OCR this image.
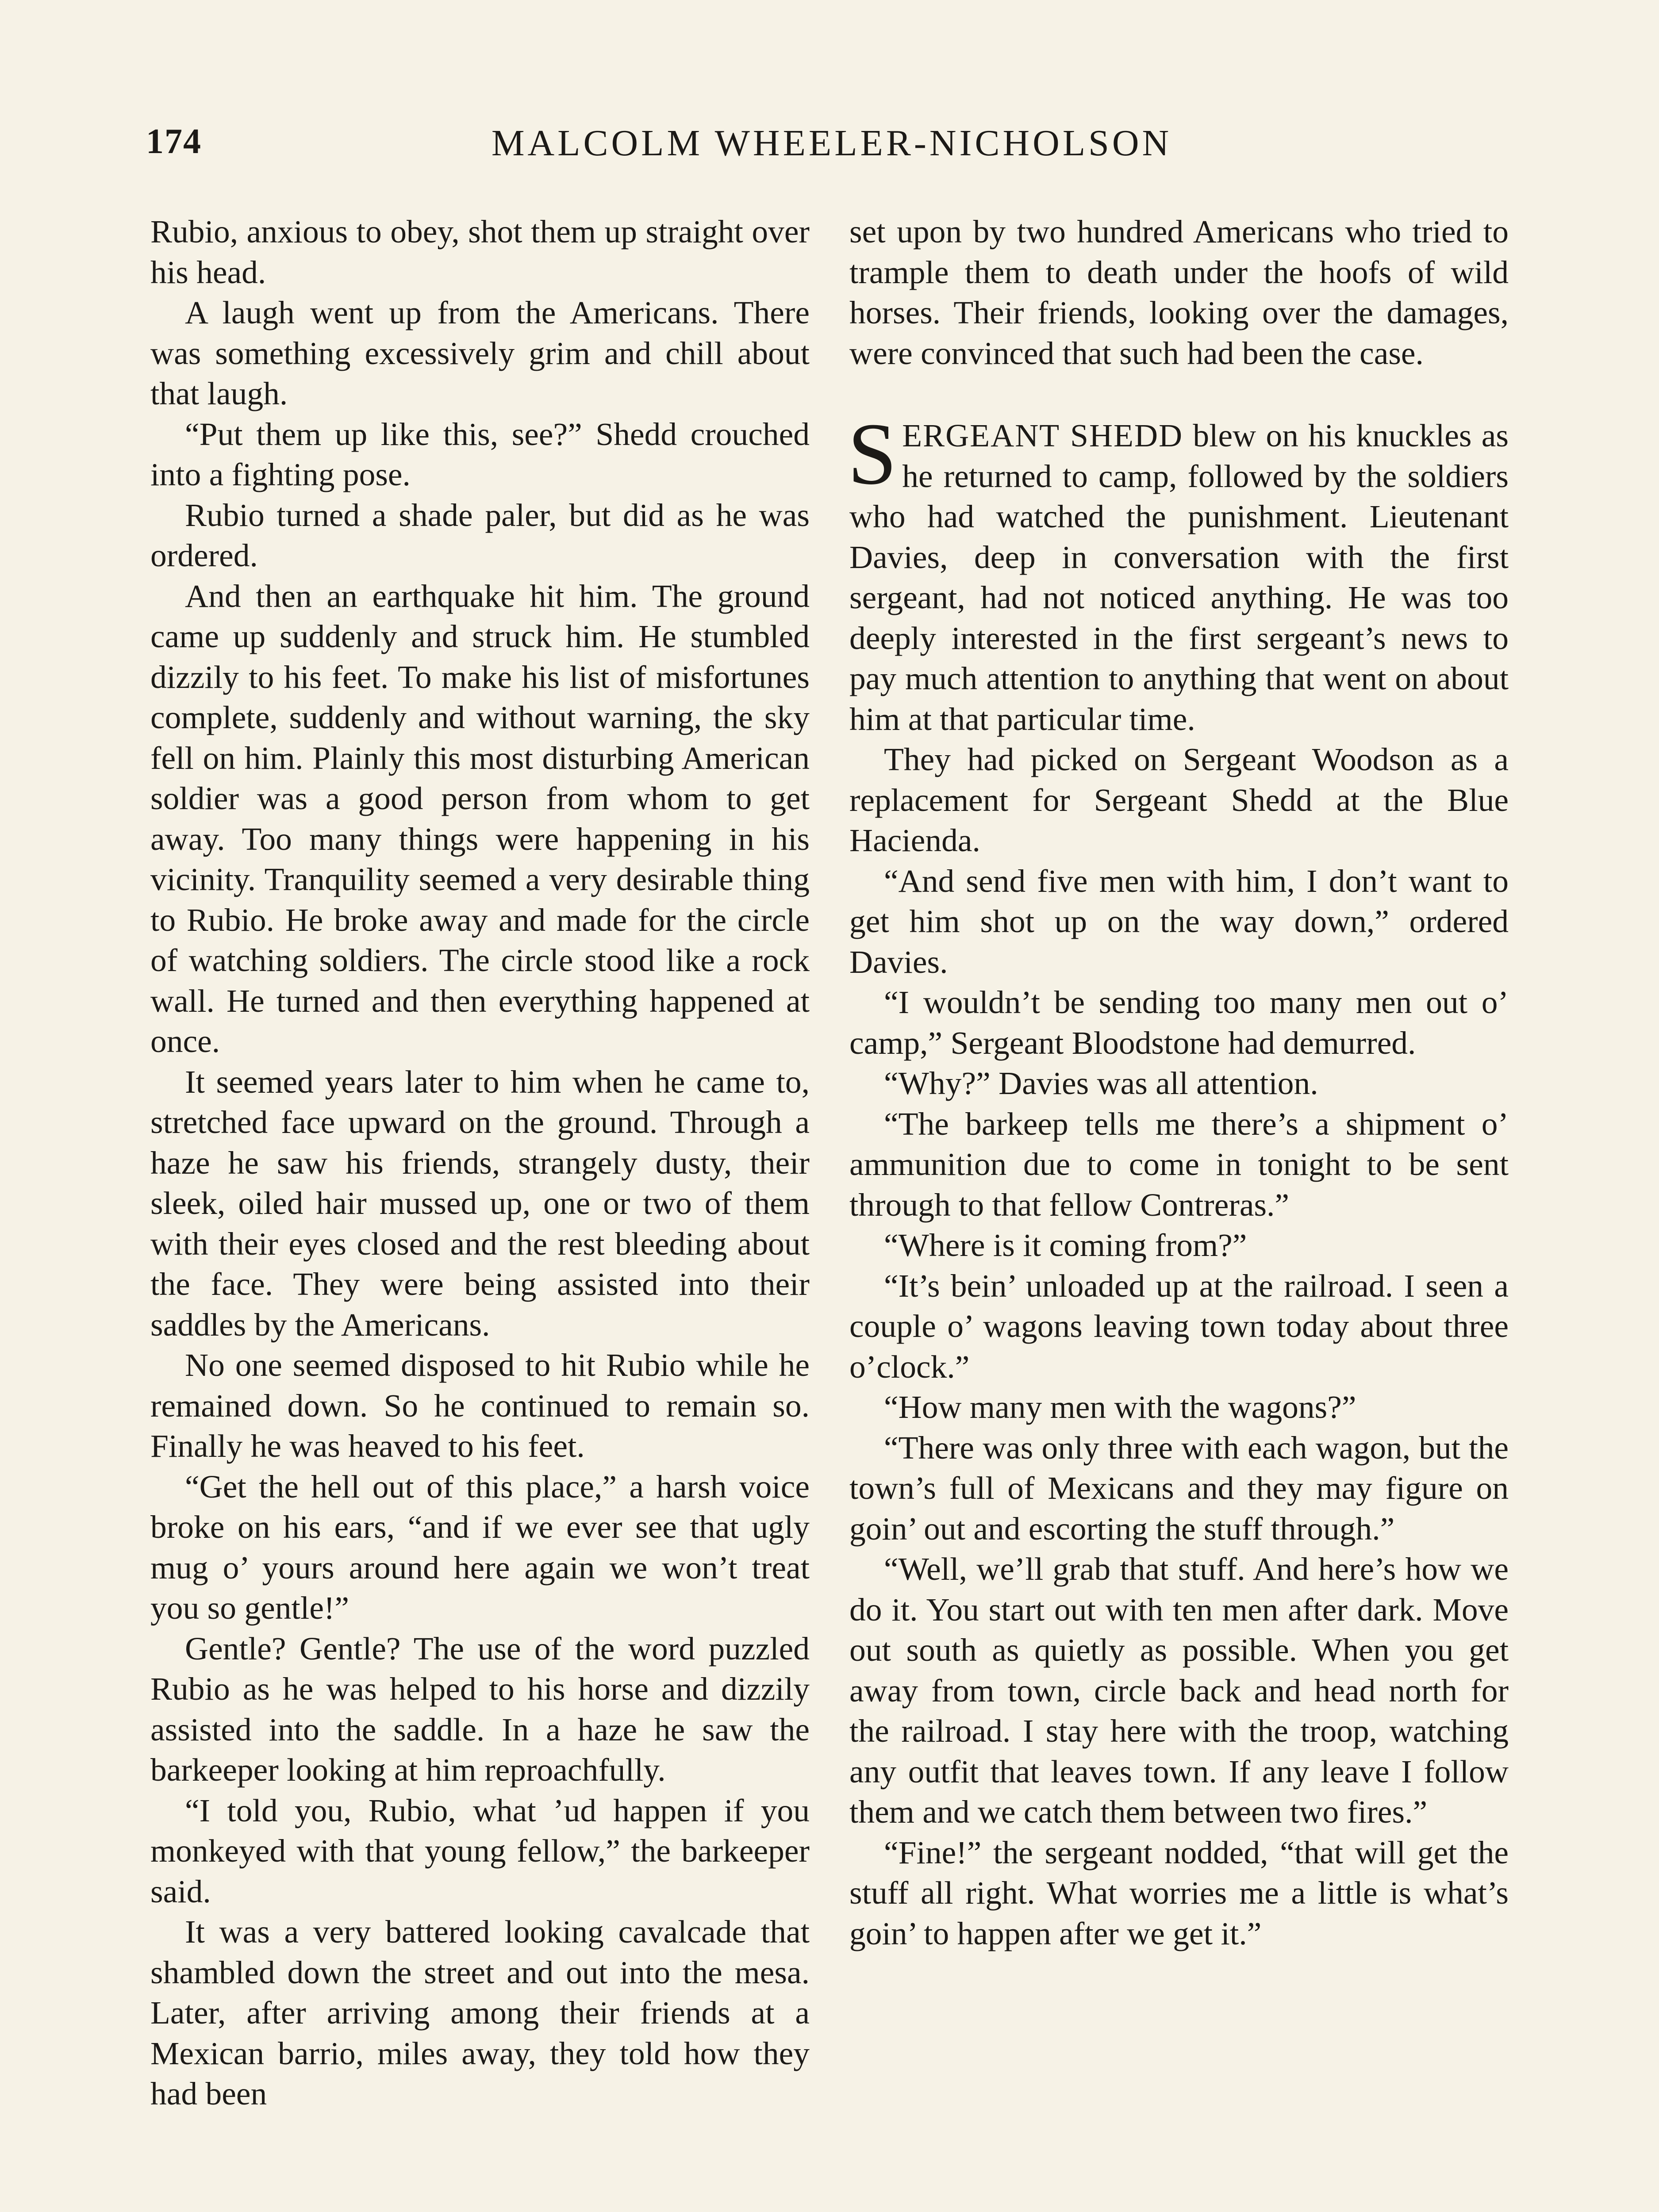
174	MALCOLM WHEELER-NICHOLSON

Rubio, anxious to obey, shot them up straight over his head.

A laugh went up from the Americans. There was something excessively grim and chill about that laugh.

“Put them up like this, see?” Shedd crouched into a fighting pose.

Rubio turned a shade paler, but did as he was ordered.

And then an earthquake hit him. The ground came up suddenly and struck him. He stumbled dizzily to his feet. To make his list of misfortunes complete, suddenly and without warning, the sky fell on him. Plainly this most disturbing American soldier was a good person from whom to get away. Too many things were happening in his vicinity. Tranquility seemed a very desirable thing to Rubio. He broke away and made for the circle of watching soldiers. The circle stood like a rock wall. He turned and then everything happened at once.

It seemed years later to him when he came to, stretched face upward on the ground. Through a haze he saw his friends, strangely dusty, their sleek, oiled hair mussed up, one or two of them with their eyes closed and the rest bleeding about the face. They were being assisted into their saddles by the Americans.

No one seemed disposed to hit Rubio while he remained down. So he continued to remain so. Finally he was heaved to his feet.

“Get the hell out of this place,” a harsh voice broke on his ears, “and if we ever see that ugly mug o’ yours around here again we won’t treat you so gentle!”

Gentle? Gentle? The use of the word puzzled Rubio as he was helped to his horse and dizzily assisted into the saddle. In a haze he saw the barkeeper looking at him reproachfully.

“I told you, Rubio, what ’ud happen if you monkeyed with that young fellow,” the barkeeper said.

It was a very battered looking cavalcade that shambled down the street and out into the mesa. Later, after arriving among their friends at a Mexican barrio, miles away, they told how they had been

set upon by two hundred Americans who tried to trample them to death under the hoofs of wild horses. Their friends, looking over the damages, were convinced that such had been the case.

SERGEANT SHEDD blew on his knuckles as he returned to camp, followed by the soldiers who had watched the punishment. Lieutenant Davies, deep in conversation with the first sergeant, had not noticed anything. He was too deeply interested in the first sergeant’s news to pay much attention to anything that went on about him at that particular time.

They had picked on Sergeant Woodson as a replacement for Sergeant Shedd at the Blue Hacienda.

“And send five men with him, I don’t want to get him shot up on the way down,” ordered Davies.

“I wouldn’t be sending too many men out o’ camp,” Sergeant Bloodstone had demurred.

“Why?” Davies was all attention.

“The barkeep tells me there’s a shipment o’ ammunition due to come in tonight to be sent through to that fellow Contreras.”

“Where is it coming from?”

“It’s bein’ unloaded up at the railroad. I seen a couple o’ wagons leaving town today about three o’clock.”

“How many men with the wagons?”

“There was only three with each wagon, but the town’s full of Mexicans and they may figure on goin’ out and escorting the stuff through.”

“Well, we’ll grab that stuff. And here’s how we do it. You start out with ten men after dark. Move out south as quietly as possible. When you get away from town, circle back and head north for the railroad. I stay here with the troop, watching any outfit that leaves town. If any leave I follow them and we catch them between two fires.”

“Fine!” the sergeant nodded, “that will get the stuff all right. What worries me a little is what’s goin’ to happen after we get it.”
